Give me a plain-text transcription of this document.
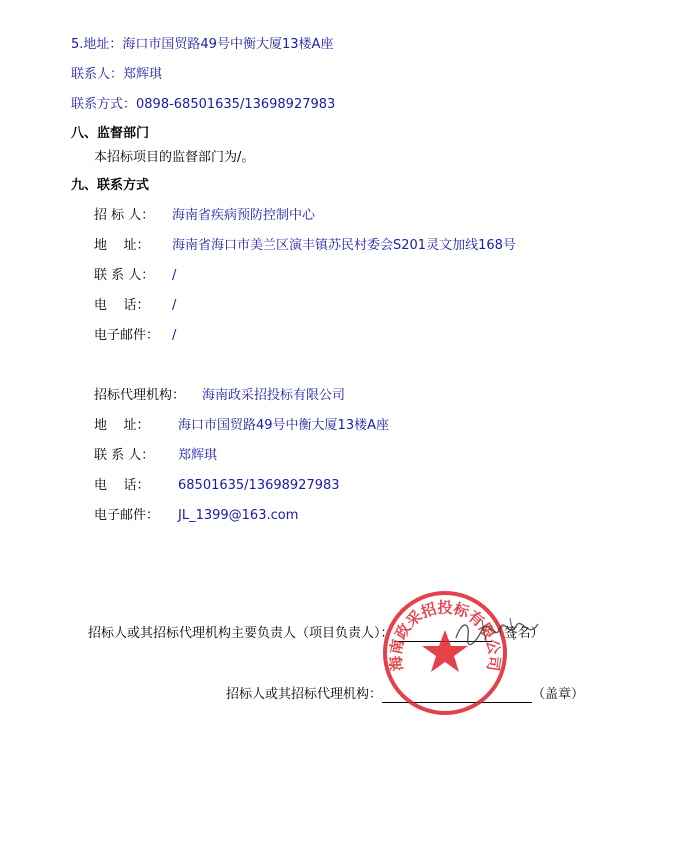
5.地址：海口市国贸路49号中衡大厦13楼A座
联系人：郑辉琪
联系方式：0898-68501635/13698927983
八、监督部门
本招标项目的监督部门为/。
九、联系方式
招 标 人： 海南省疾病预防控制中心
地    址： 海南省海口市美兰区演丰镇苏民村委会S201灵文加线168号
联 系 人： /
电    话： /
电子邮件： /
招标代理机构： 海南政采招投标有限公司
地    址： 海口市国贸路49号中衡大厦13楼A座
联 系 人： 郑辉琪
电    话： 68501635/13698927983
电子邮件： JL_1399@163.com
招标人或其招标代理机构主要负责人（项目负责人）：	（签名）
招标人或其招标代理机构：	（盖章）
海南政采招投标有限公司
